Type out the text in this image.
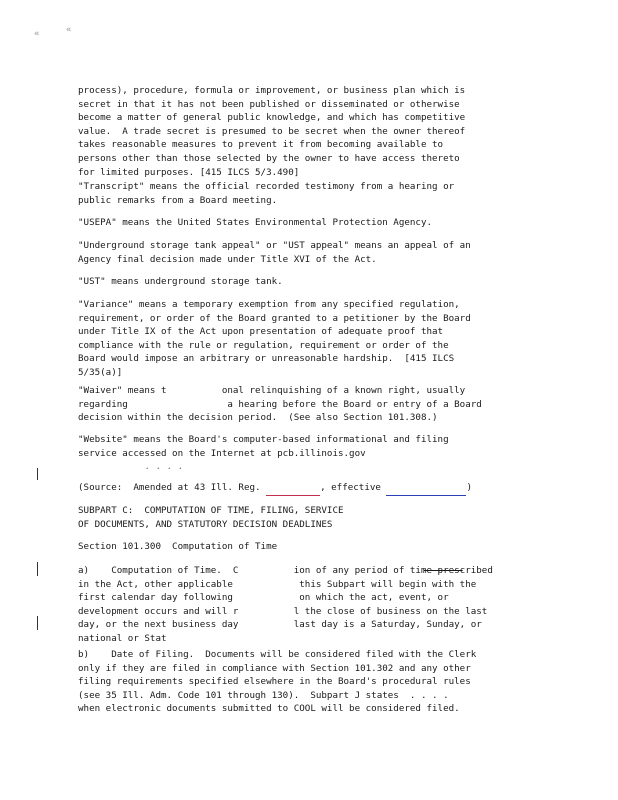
«	«
process), procedure, formula or improvement, or business plan which is
secret in that it has not been published or disseminated or otherwise
become a matter of general public knowledge, and which has competitive
value.  A trade secret is presumed to be secret when the owner thereof
takes reasonable measures to prevent it from becoming available to
persons other than those selected by the owner to have access thereto
for limited purposes. [415 ILCS 5/3.490]
"Transcript" means the official recorded testimony from a hearing or
public remarks from a Board meeting.
"USEPA" means the United States Environmental Protection Agency.
"Underground storage tank appeal" or "UST appeal" means an appeal of an
Agency final decision made under Title XVI of the Act.
"UST" means underground storage tank.
"Variance" means a temporary exemption from any specified regulation,
requirement, or order of the Board granted to a petitioner by the Board
under Title IX of the Act upon presentation of adequate proof that
compliance with the rule or regulation, requirement or order of the
Board would impose an arbitrary or unreasonable hardship.  [415 ILCS
5/35(a)]
"Waiver" means t          onal relinquishing of a known right, usually
regarding                  a hearing before the Board or entry of a Board
decision within the decision period.  (See also Section 101.308.)
"Website" means the Board's computer-based informational and filing
service accessed on the Internet at pcb.illinois.gov
. . . .
(Source:  Amended at 43 Ill. Reg.	, effective	)
SUBPART C:  COMPUTATION OF TIME, FILING, SERVICE
OF DOCUMENTS, AND STATUTORY DECISION DEADLINES
Section 101.300  Computation of Time
a)    Computation of Time.  C          ion of any period of time prescribed
in the Act, other applicable            this Subpart will begin with the
first calendar day following            on which the act, event, or
development occurs and will r          l the close of business on the last
day, or the next business day          last day is a Saturday, Sunday, or
national or Stat
b)    Date of Filing.  Documents will be considered filed with the Clerk
only if they are filed in compliance with Section 101.302 and any other
filing requirements specified elsewhere in the Board's procedural rules
(see 35 Ill. Adm. Code 101 through 130).  Subpart J states  . . . .
when electronic documents submitted to COOL will be considered filed.
